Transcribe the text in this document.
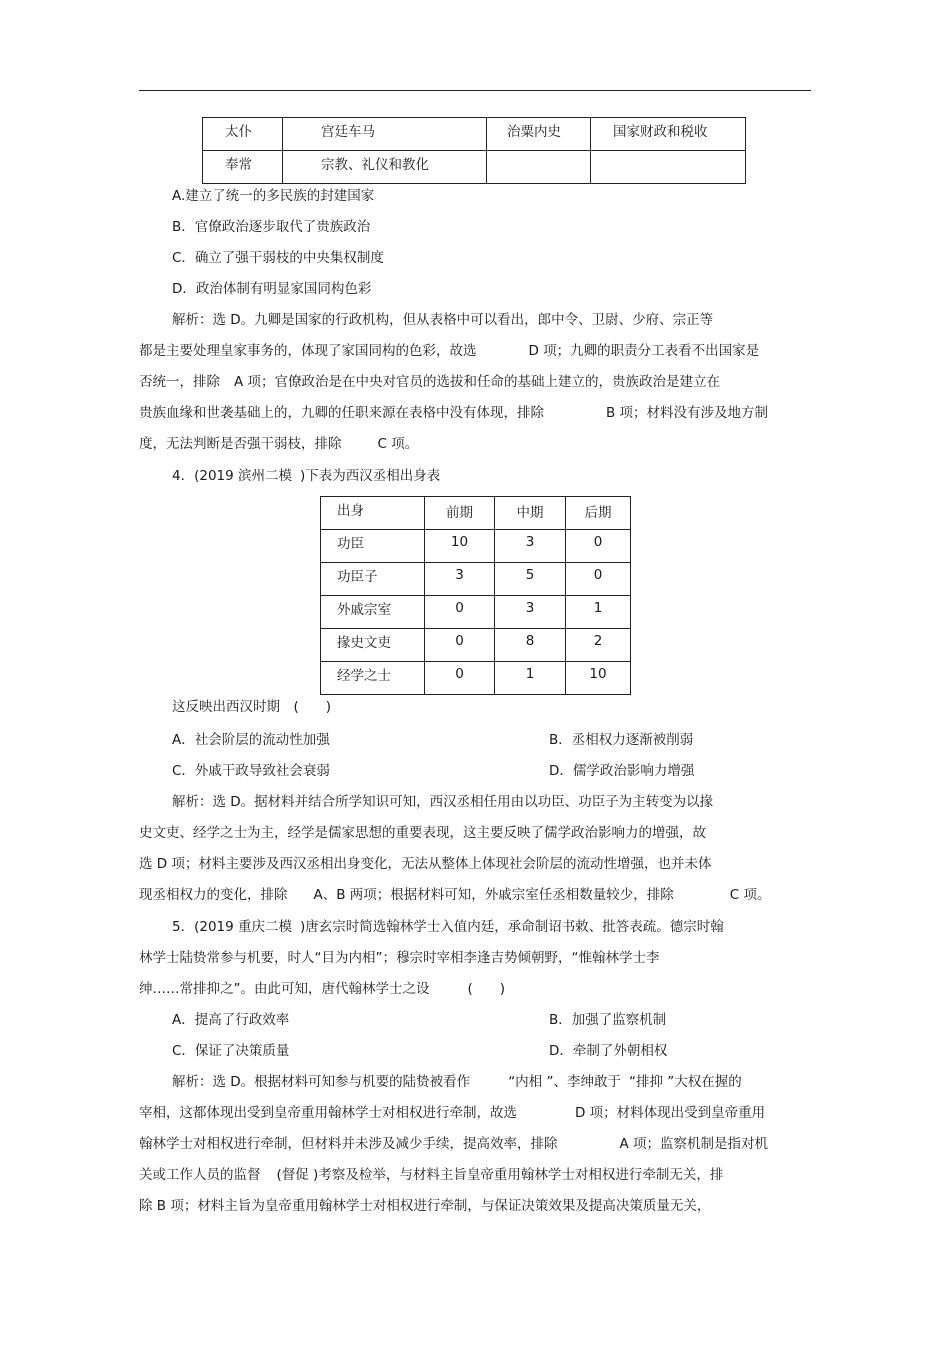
太仆	宫廷车马	治粟内史	国家财政和税收
奉常	宗教、礼仪和教化		
A.建立了统一的多民族的封建国家
B．官僚政治逐步取代了贵族政治
C．确立了强干弱枝的中央集权制度
D．政治体制有明显家国同构色彩
解析：选 D。九卿是国家的行政机构，但从表格中可以看出，郎中令、卫尉、少府、宗正等
都是主要处理皇家事务的，体现了家国同构的色彩，故选	D 项；九卿的职责分工表看不出国家是
否统一，排除 A 项；官僚政治是在中央对官员的选拔和任命的基础上建立的，贵族政治是建立在
贵族血缘和世袭基础上的，九卿的任职来源在表格中没有体现，排除	B 项；材料没有涉及地方制
度，无法判断是否强干弱枝，排除	C 项。
4．(2019 滨州二模 )下表为西汉丞相出身表
出身	前期	中期	后期
功臣	10	3	0
功臣子	3	5	0
外戚宗室	0	3	1
掾史文吏	0	8	2
经学之士	0	1	10
这反映出西汉时期　(　　)
A．社会阶层的流动性加强	B．丞相权力逐渐被削弱
C．外戚干政导致社会衰弱	D．儒学政治影响力增强
解析：选 D。据材料并结合所学知识可知，西汉丞相任用由以功臣、功臣子为主转变为以掾
史文吏、经学之士为主，经学是儒家思想的重要表现，这主要反映了儒学政治影响力的增强，故
选 D 项；材料主要涉及西汉丞相出身变化，无法从整体上体现社会阶层的流动性增强，也并未体
现丞相权力的变化，排除 A、B 两项；根据材料可知，外戚宗室任丞相数量较少，排除	C 项。
5．(2019 重庆二模 )唐玄宗时简选翰林学士入值内廷，承命制诏书敕、批答表疏。德宗时翰
林学士陆贽常参与机要，时人“目为内相”；穆宗时宰相李逢吉势倾朝野，“惟翰林学士李
绅……常排抑之”。由此可知，唐代翰林学士之设	(　　)
A．提高了行政效率	B．加强了监察机制
C．保证了决策质量	D．牵制了外朝相权
解析：选 D。根据材料可知参与机要的陆贽被看作	“内相 ”、李绅敢于 “排抑 ”大权在握的
宰相，这都体现出受到皇帝重用翰林学士对相权进行牵制，故选	D 项；材料体现出受到皇帝重用
翰林学士对相权进行牵制，但材料并未涉及减少手续，提高效率，排除	A 项；监察机制是指对机
关或工作人员的监督 (督促 )考察及检举，与材料主旨皇帝重用翰林学士对相权进行牵制无关，排
除 B 项；材料主旨为皇帝重用翰林学士对相权进行牵制，与保证决策效果及提高决策质量无关，
